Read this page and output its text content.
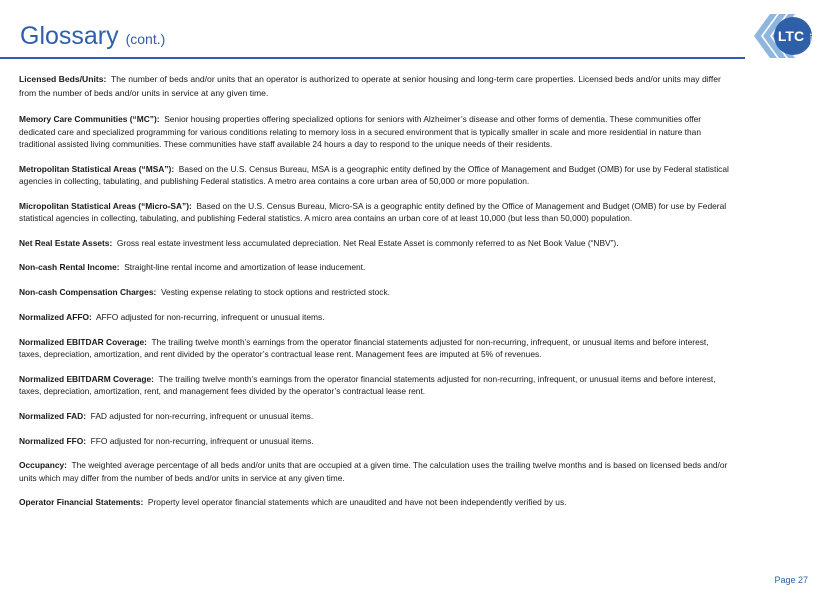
Glossary (cont.)	LTC REIT

Licensed Beds/Units: The number of beds and/or units that an operator is authorized to operate at senior housing and long-term care properties. Licensed beds and/or units may differ from the number of beds and/or units in service at any given time.

Memory Care Communities (“MC”): Senior housing properties offering specialized options for seniors with Alzheimer’s disease and other forms of dementia. These communities offer dedicated care and specialized programming for various conditions relating to memory loss in a secured environment that is typically smaller in scale and more residential in nature than traditional assisted living communities. These communities have staff available 24 hours a day to respond to the unique needs of their residents.

Metropolitan Statistical Areas (“MSA”): Based on the U.S. Census Bureau, MSA is a geographic entity defined by the Office of Management and Budget (OMB) for use by Federal statistical agencies in collecting, tabulating, and publishing Federal statistics. A metro area contains a core urban area of 50,000 or more population.

Micropolitan Statistical Areas (“Micro-SA”): Based on the U.S. Census Bureau, Micro-SA is a geographic entity defined by the Office of Management and Budget (OMB) for use by Federal statistical agencies in collecting, tabulating, and publishing Federal statistics. A micro area contains an urban core of at least 10,000 (but less than 50,000) population.

Net Real Estate Assets: Gross real estate investment less accumulated depreciation. Net Real Estate Asset is commonly referred to as Net Book Value (“NBV”).

Non-cash Rental Income: Straight-line rental income and amortization of lease inducement.

Non-cash Compensation Charges: Vesting expense relating to stock options and restricted stock.

Normalized AFFO: AFFO adjusted for non-recurring, infrequent or unusual items.

Normalized EBITDAR Coverage: The trailing twelve month’s earnings from the operator financial statements adjusted for non-recurring, infrequent, or unusual items and before interest, taxes, depreciation, amortization, and rent divided by the operator’s contractual lease rent. Management fees are imputed at 5% of revenues.

Normalized EBITDARM Coverage: The trailing twelve month’s earnings from the operator financial statements adjusted for non-recurring, infrequent, or unusual items and before interest, taxes, depreciation, amortization, rent, and management fees divided by the operator’s contractual lease rent.

Normalized FAD: FAD adjusted for non-recurring, infrequent or unusual items.

Normalized FFO: FFO adjusted for non-recurring, infrequent or unusual items.

Occupancy: The weighted average percentage of all beds and/or units that are occupied at a given time. The calculation uses the trailing twelve months and is based on licensed beds and/or units which may differ from the number of beds and/or units in service at any given time.

Operator Financial Statements: Property level operator financial statements which are unaudited and have not been independently verified by us.

Page 27
